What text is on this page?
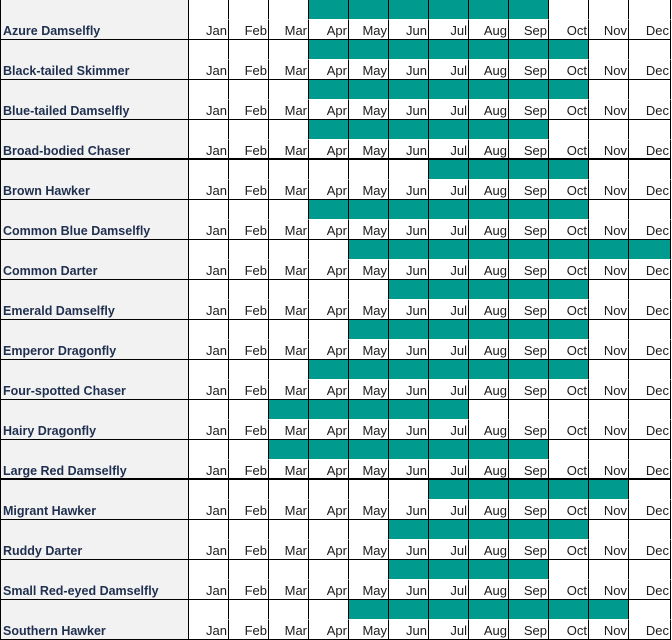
Azure Damselfly	Jan	Feb	Mar	Apr	May	Jun	Jul	Aug	Sep	Oct	Nov	Dec
Black-tailed Skimmer	Jan	Feb	Mar	Apr	May	Jun	Jul	Aug	Sep	Oct	Nov	Dec
Blue-tailed Damselfly	Jan	Feb	Mar	Apr	May	Jun	Jul	Aug	Sep	Oct	Nov	Dec
Broad-bodied Chaser	Jan	Feb	Mar	Apr	May	Jun	Jul	Aug	Sep	Oct	Nov	Dec
Brown Hawker	Jan	Feb	Mar	Apr	May	Jun	Jul	Aug	Sep	Oct	Nov	Dec
Common Blue Damselfly	Jan	Feb	Mar	Apr	May	Jun	Jul	Aug	Sep	Oct	Nov	Dec
Common Darter	Jan	Feb	Mar	Apr	May	Jun	Jul	Aug	Sep	Oct	Nov	Dec
Emerald Damselfly	Jan	Feb	Mar	Apr	May	Jun	Jul	Aug	Sep	Oct	Nov	Dec
Emperor Dragonfly	Jan	Feb	Mar	Apr	May	Jun	Jul	Aug	Sep	Oct	Nov	Dec
Four-spotted Chaser	Jan	Feb	Mar	Apr	May	Jun	Jul	Aug	Sep	Oct	Nov	Dec
Hairy Dragonfly	Jan	Feb	Mar	Apr	May	Jun	Jul	Aug	Sep	Oct	Nov	Dec
Large Red Damselfly	Jan	Feb	Mar	Apr	May	Jun	Jul	Aug	Sep	Oct	Nov	Dec
Migrant Hawker	Jan	Feb	Mar	Apr	May	Jun	Jul	Aug	Sep	Oct	Nov	Dec
Ruddy Darter	Jan	Feb	Mar	Apr	May	Jun	Jul	Aug	Sep	Oct	Nov	Dec
Small Red-eyed Damselfly	Jan	Feb	Mar	Apr	May	Jun	Jul	Aug	Sep	Oct	Nov	Dec
Southern Hawker	Jan	Feb	Mar	Apr	May	Jun	Jul	Aug	Sep	Oct	Nov	Dec
